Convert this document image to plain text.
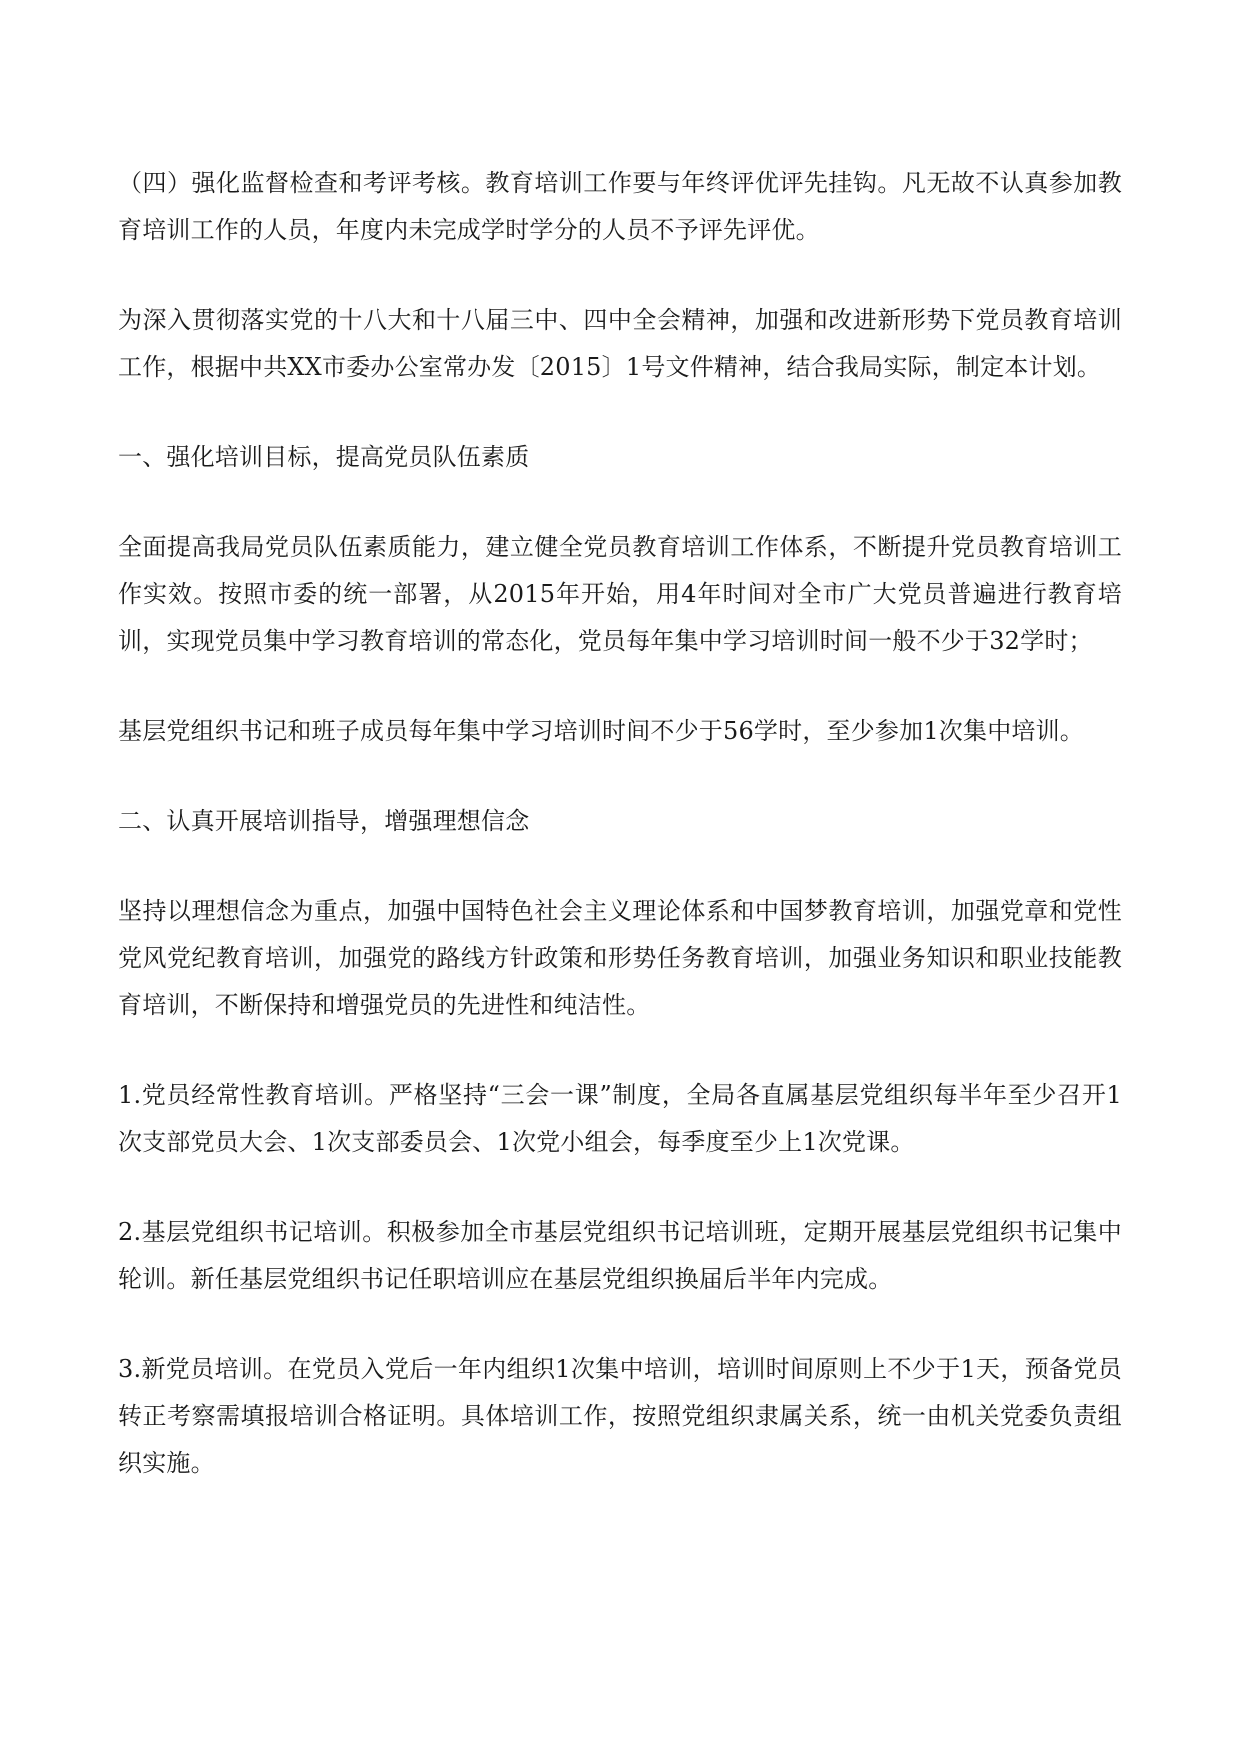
（四）强化监督检查和考评考核。教育培训工作要与年终评优评先挂钩。凡无故不认真参加教育培训工作的人员，年度内未完成学时学分的人员不予评先评优。

为深入贯彻落实党的十八大和十八届三中、四中全会精神，加强和改进新形势下党员教育培训工作，根据中共XX市委办公室常办发〔2015〕1号文件精神，结合我局实际，制定本计划。

一、强化培训目标，提高党员队伍素质

全面提高我局党员队伍素质能力，建立健全党员教育培训工作体系，不断提升党员教育培训工作实效。按照市委的统一部署，从2015年开始，用4年时间对全市广大党员普遍进行教育培训，实现党员集中学习教育培训的常态化，党员每年集中学习培训时间一般不少于32学时；

基层党组织书记和班子成员每年集中学习培训时间不少于56学时，至少参加1次集中培训。

二、认真开展培训指导，增强理想信念

坚持以理想信念为重点，加强中国特色社会主义理论体系和中国梦教育培训，加强党章和党性党风党纪教育培训，加强党的路线方针政策和形势任务教育培训，加强业务知识和职业技能教育培训，不断保持和增强党员的先进性和纯洁性。

1.党员经常性教育培训。严格坚持“三会一课”制度，全局各直属基层党组织每半年至少召开1次支部党员大会、1次支部委员会、1次党小组会，每季度至少上1次党课。

2.基层党组织书记培训。积极参加全市基层党组织书记培训班，定期开展基层党组织书记集中轮训。新任基层党组织书记任职培训应在基层党组织换届后半年内完成。

3.新党员培训。在党员入党后一年内组织1次集中培训，培训时间原则上不少于1天，预备党员转正考察需填报培训合格证明。具体培训工作，按照党组织隶属关系，统一由机关党委负责组织实施。
